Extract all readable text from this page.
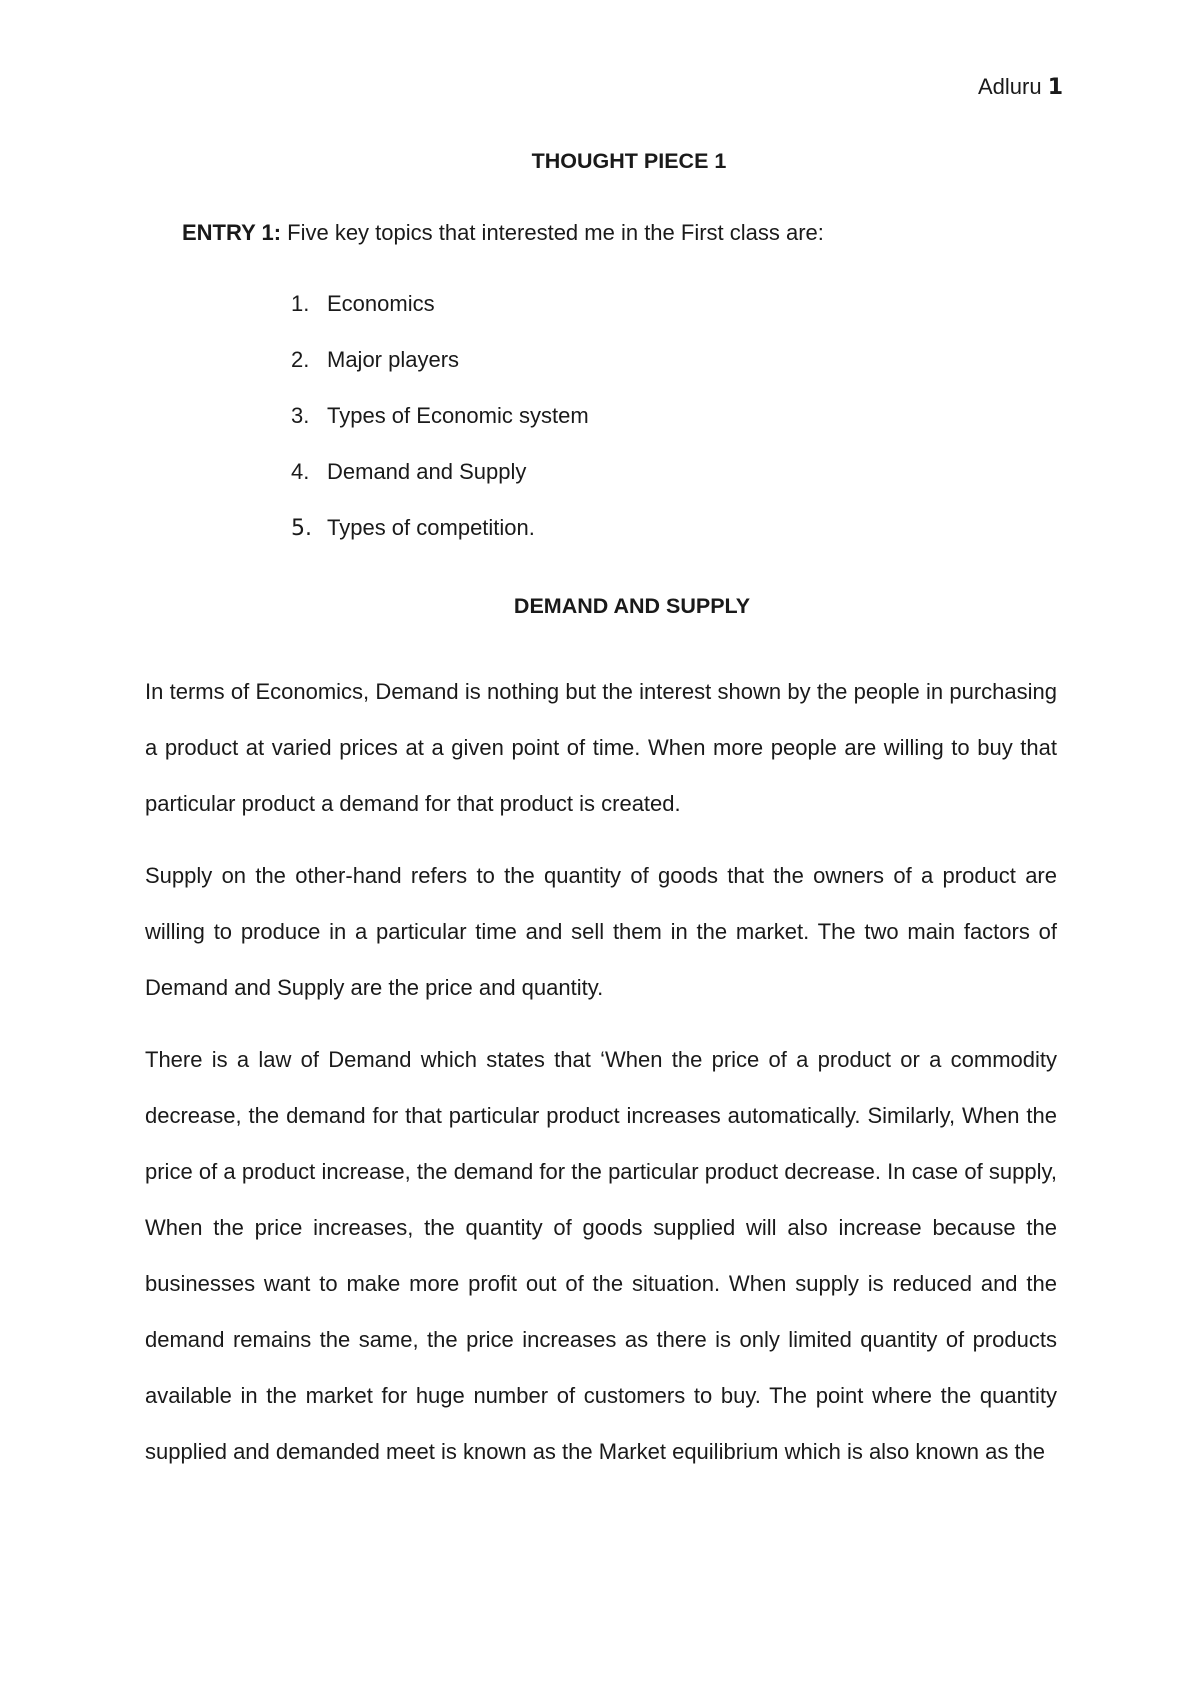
Adluru 1
THOUGHT PIECE 1
ENTRY 1: Five key topics that interested me in the First class are:
1. Economics
2. Major players
3. Types of Economic system
4. Demand and Supply
5. Types of competition.
DEMAND AND SUPPLY

In terms of Economics, Demand is nothing but the interest shown by the people in purchasing a product at varied prices at a given point of time. When more people are willing to buy that particular product a demand for that product is created.

Supply on the other-hand refers to the quantity of goods that the owners of a product are willing to produce in a particular time and sell them in the market. The two main factors of Demand and Supply are the price and quantity.

There is a law of Demand which states that ‘When the price of a product or a commodity decrease, the demand for that particular product increases automatically. Similarly, When the price of a product increase, the demand for the particular product decrease. In case of supply, When the price increases, the quantity of goods supplied will also increase because the businesses want to make more profit out of the situation. When supply is reduced and the demand remains the same, the price increases as there is only limited quantity of products available in the market for huge number of customers to buy. The point where the quantity supplied and demanded meet is known as the Market equilibrium which is also known as the
